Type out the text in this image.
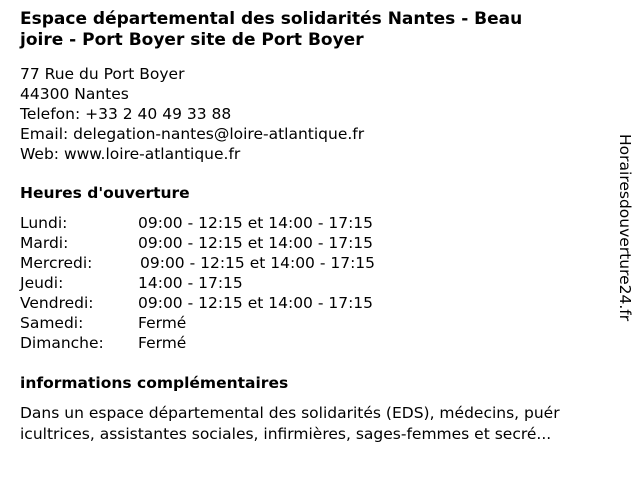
Espace départemental des solidarités Nantes - Beau
joire - Port Boyer site de Port Boyer
77 Rue du Port Boyer
44300 Nantes
Telefon: +33 2 40 49 33 88
Email: delegation-nantes@loire-atlantique.fr
Web: www.loire-atlantique.fr
Heures d'ouverture
Lundi:	09:00 - 12:15 et 14:00 - 17:15
Mardi:	09:00 - 12:15 et 14:00 - 17:15
Mercredi:	09:00 - 12:15 et 14:00 - 17:15
Jeudi:	14:00 - 17:15
Vendredi:	09:00 - 12:15 et 14:00 - 17:15
Samedi:	Fermé
Dimanche: Fermé
informations complémentaires
Dans un espace départemental des solidarités (EDS), médecins, puér
icultrices, assistantes sociales, infirmières, sages-femmes et secré...
Horairesdouverture24.fr
